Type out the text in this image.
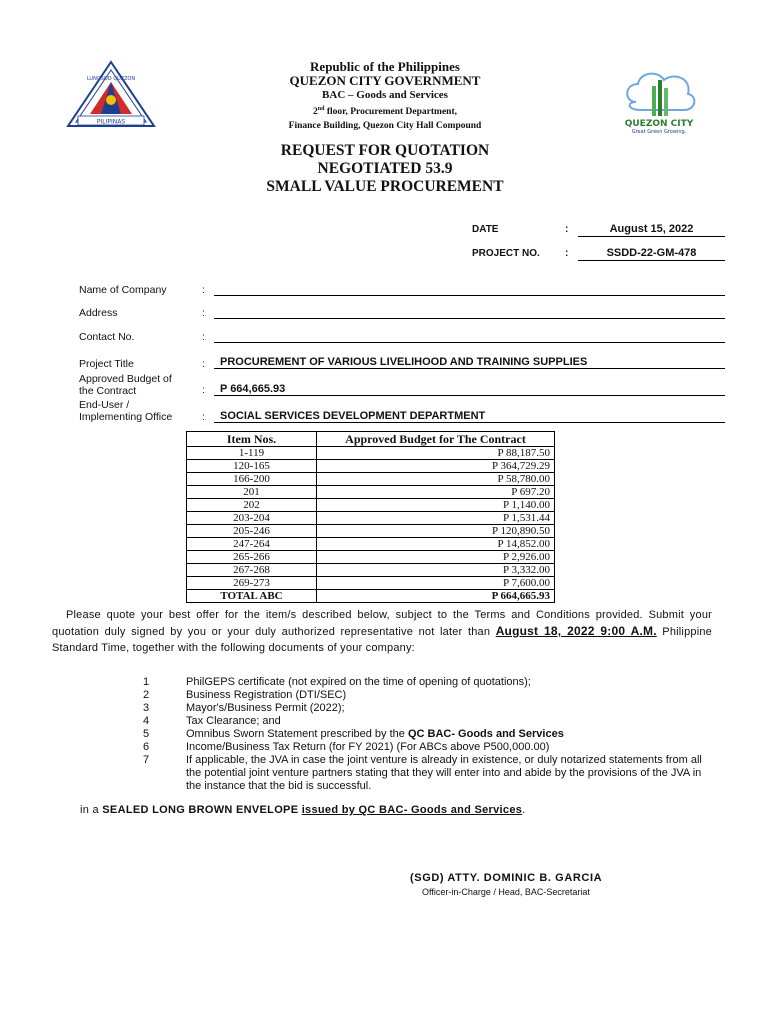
PILIPINAS
LUNGSOD QUEZON
QUEZON CITY
Great Green Growing.
Republic of the Philippines
QUEZON CITY GOVERNMENT
BAC – Goods and Services
2nd floor, Procurement Department,
Finance Building, Quezon City Hall Compound
REQUEST FOR QUOTATION
NEGOTIATED 53.9
SMALL VALUE PROCUREMENT
DATE	:	August 15, 2022
PROJECT NO.	:	SSDD-22-GM-478
Name of Company	:
Address	:
Contact No.	:
Project Title	:	PROCUREMENT OF VARIOUS LIVELIHOOD AND TRAINING SUPPLIES
Approved Budget of
the Contract	:	P 664,665.93
End-User /
Implementing Office	:	SOCIAL SERVICES DEVELOPMENT DEPARTMENT
Item Nos.	Approved Budget for The Contract
1-119	P 88,187.50
120-165	P 364,729.29
166-200	P 58,780.00
201	P 697.20
202	P 1,140.00
203-204	P 1,531.44
205-246	P 120,890.50
247-264	P 14,852.00
265-266	P 2,926.00
267-268	P 3,332.00
269-273	P 7,600.00
TOTAL ABC	P 664,665.93

Please quote your best offer for the item/s described below, subject to the Terms and Conditions provided. Submit your quotation duly signed by you or your duly authorized representative not later than August 18, 2022 9:00 A.M. Philippine Standard Time, together with the following documents of your company:

1	PhilGEPS certificate (not expired on the time of opening of quotations);
2	Business Registration (DTI/SEC)
3	Mayor's/Business Permit (2022);
4	Tax Clearance; and
5	Omnibus Sworn Statement prescribed by the QC BAC- Goods and Services
6	Income/Business Tax Return (for FY 2021) (For ABCs above P500,000.00)
7	If applicable, the JVA in case the joint venture is already in existence, or duly notarized statements from all the potential joint venture partners stating that they will enter into and abide by the provisions of the JVA in the instance that the bid is successful.
in a SEALED LONG BROWN ENVELOPE issued by QC BAC- Goods and Services.
(SGD) ATTY. DOMINIC B. GARCIA
Officer-in-Charge / Head, BAC-Secretariat
